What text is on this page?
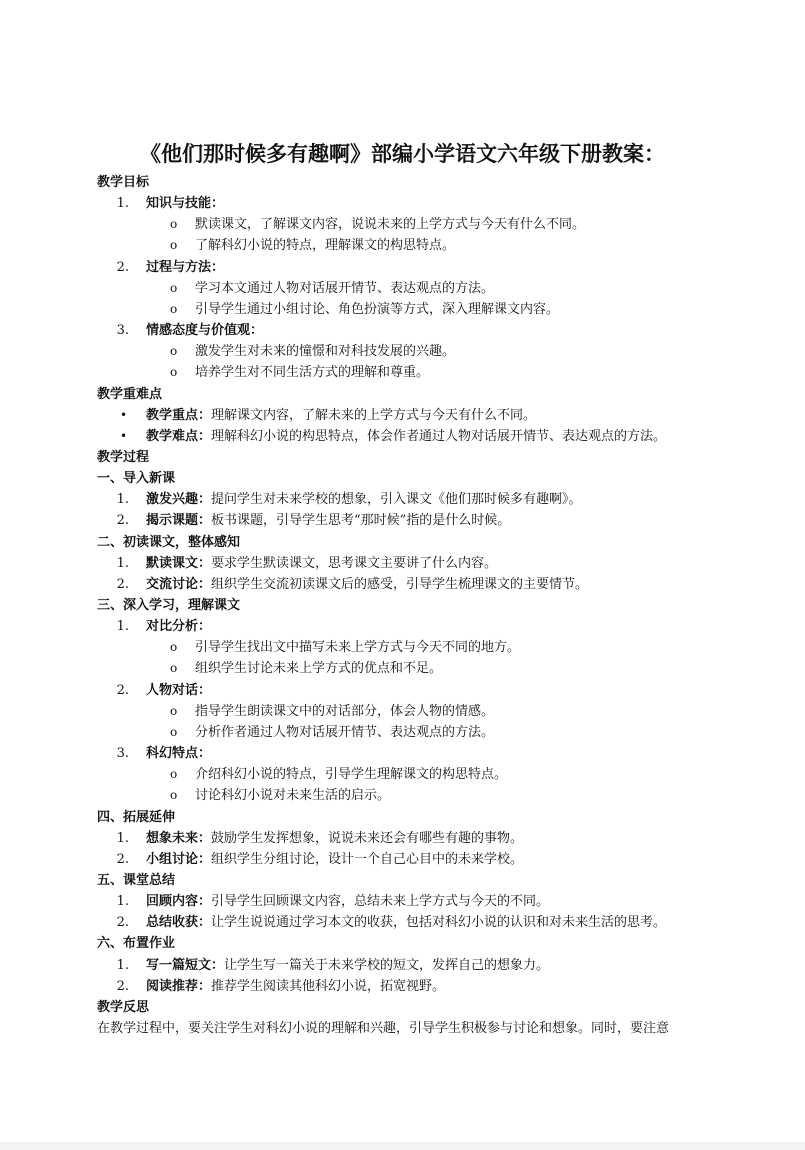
《他们那时候多有趣啊》部编小学语文六年级下册教案：
教学目标
1. 知识与技能：
o 默读课文，了解课文内容，说说未来的上学方式与今天有什么不同。
o 了解科幻小说的特点，理解课文的构思特点。
2. 过程与方法：
o 学习本文通过人物对话展开情节、表达观点的方法。
o 引导学生通过小组讨论、角色扮演等方式，深入理解课文内容。
3. 情感态度与价值观：
o 激发学生对未来的憧憬和对科技发展的兴趣。
o 培养学生对不同生活方式的理解和尊重。
教学重难点
• 教学重点：理解课文内容，了解未来的上学方式与今天有什么不同。
• 教学难点：理解科幻小说的构思特点，体会作者通过人物对话展开情节、表达观点的方法。
教学过程
一、导入新课
1. 激发兴趣：提问学生对未来学校的想象，引入课文《他们那时候多有趣啊》。
2. 揭示课题：板书课题，引导学生思考“那时候”指的是什么时候。
二、初读课文，整体感知
1. 默读课文：要求学生默读课文，思考课文主要讲了什么内容。
2. 交流讨论：组织学生交流初读课文后的感受，引导学生梳理课文的主要情节。
三、深入学习，理解课文
1. 对比分析：
o 引导学生找出文中描写未来上学方式与今天不同的地方。
o 组织学生讨论未来上学方式的优点和不足。
2. 人物对话：
o 指导学生朗读课文中的对话部分，体会人物的情感。
o 分析作者通过人物对话展开情节、表达观点的方法。
3. 科幻特点：
o 介绍科幻小说的特点，引导学生理解课文的构思特点。
o 讨论科幻小说对未来生活的启示。
四、拓展延伸
1. 想象未来：鼓励学生发挥想象，说说未来还会有哪些有趣的事物。
2. 小组讨论：组织学生分组讨论，设计一个自己心目中的未来学校。
五、课堂总结
1. 回顾内容：引导学生回顾课文内容，总结未来上学方式与今天的不同。
2. 总结收获：让学生说说通过学习本文的收获，包括对科幻小说的认识和对未来生活的思考。
六、布置作业
1. 写一篇短文：让学生写一篇关于未来学校的短文，发挥自己的想象力。
2. 阅读推荐：推荐学生阅读其他科幻小说，拓宽视野。
教学反思
在教学过程中，要关注学生对科幻小说的理解和兴趣，引导学生积极参与讨论和想象。同时，要注意
